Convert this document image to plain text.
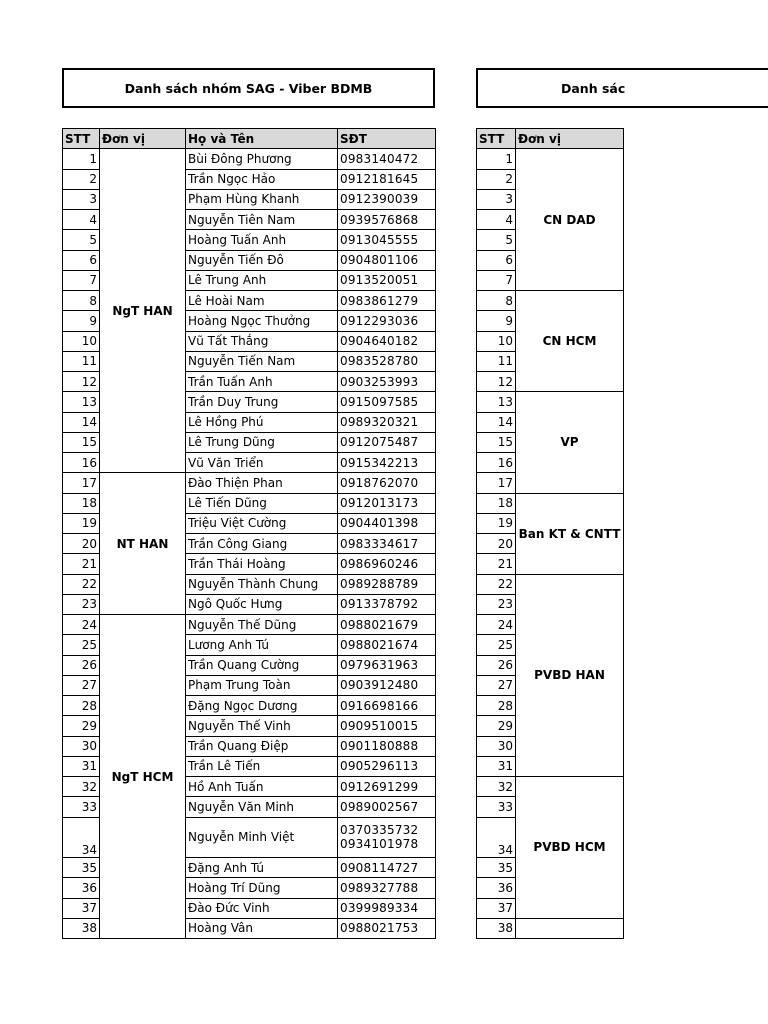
Danh sách nhóm SAG - Viber BDMB	Danh sác
STT	Đơn vị	Họ và Tên	SĐT
1	NgT HAN	Bùi Đông Phương	0983140472

2		Trần Ngọc Hảo	0912181645

3		Phạm Hùng Khanh	0912390039

4		Nguyễn Tiên Nam	0939576868

5		Hoàng Tuấn Anh	0913045555

6		Nguyễn Tiến Đô	0904801106

7		Lê Trung Anh	0913520051

8		Lê Hoài Nam	0983861279

9		Hoàng Ngọc Thưởng	0912293036

10		Vũ Tất Thắng	0904640182

11		Nguyễn Tiến Nam	0983528780

12		Trần Tuấn Anh	0903253993

13		Trần Duy Trung	0915097585

14		Lê Hồng Phú	0989320321

15		Lê Trung Dũng	0912075487

16		Vũ Văn Triển	0915342213

17	NT HAN	Đào Thiện Phan	0918762070

18		Lê Tiến Dũng	0912013173

19		Triệu Việt Cường	0904401398

20		Trần Công Giang	0983334617

21		Trần Thái Hoàng	0986960246

22		Nguyễn Thành Chung	0989288789

23		Ngô Quốc Hưng	0913378792

24	NgT HCM	Nguyễn Thế Dũng	0988021679

25		Lương Anh Tú	0988021674

26		Trần Quang Cường	0979631963

27		Phạm Trung Toàn	0903912480

28		Đặng Ngọc Dương	0916698166

29		Nguyễn Thế Vinh	0909510015

30		Trần Quang Điệp	0901180888

31		Trần Lê Tiến	0905296113

32		Hồ Anh Tuấn	0912691299

33		Nguyễn Văn Minh	0989002567

34		Nguyễn Minh Việt	0370335732
0934101978

35		Đặng Anh Tú	0908114727

36		Hoàng Trí Dũng	0989327788

37		Đào Đức Vinh	0399989334

38		Hoàng Vân	0988021753
STT	Đơn vị
1	CN DAD
2	
3	
4	
5	
6	
7	
8	CN HCM
9	
10	
11	
12	
13	VP
14	
15	
16	
17	
18	Ban KT & CNTT
19	
20	
21	
22	PVBD HAN
23	
24	
25	
26	
27	
28	
29	
30	
31	
32	PVBD HCM
33	
34	
35	
36	
37	
38	
